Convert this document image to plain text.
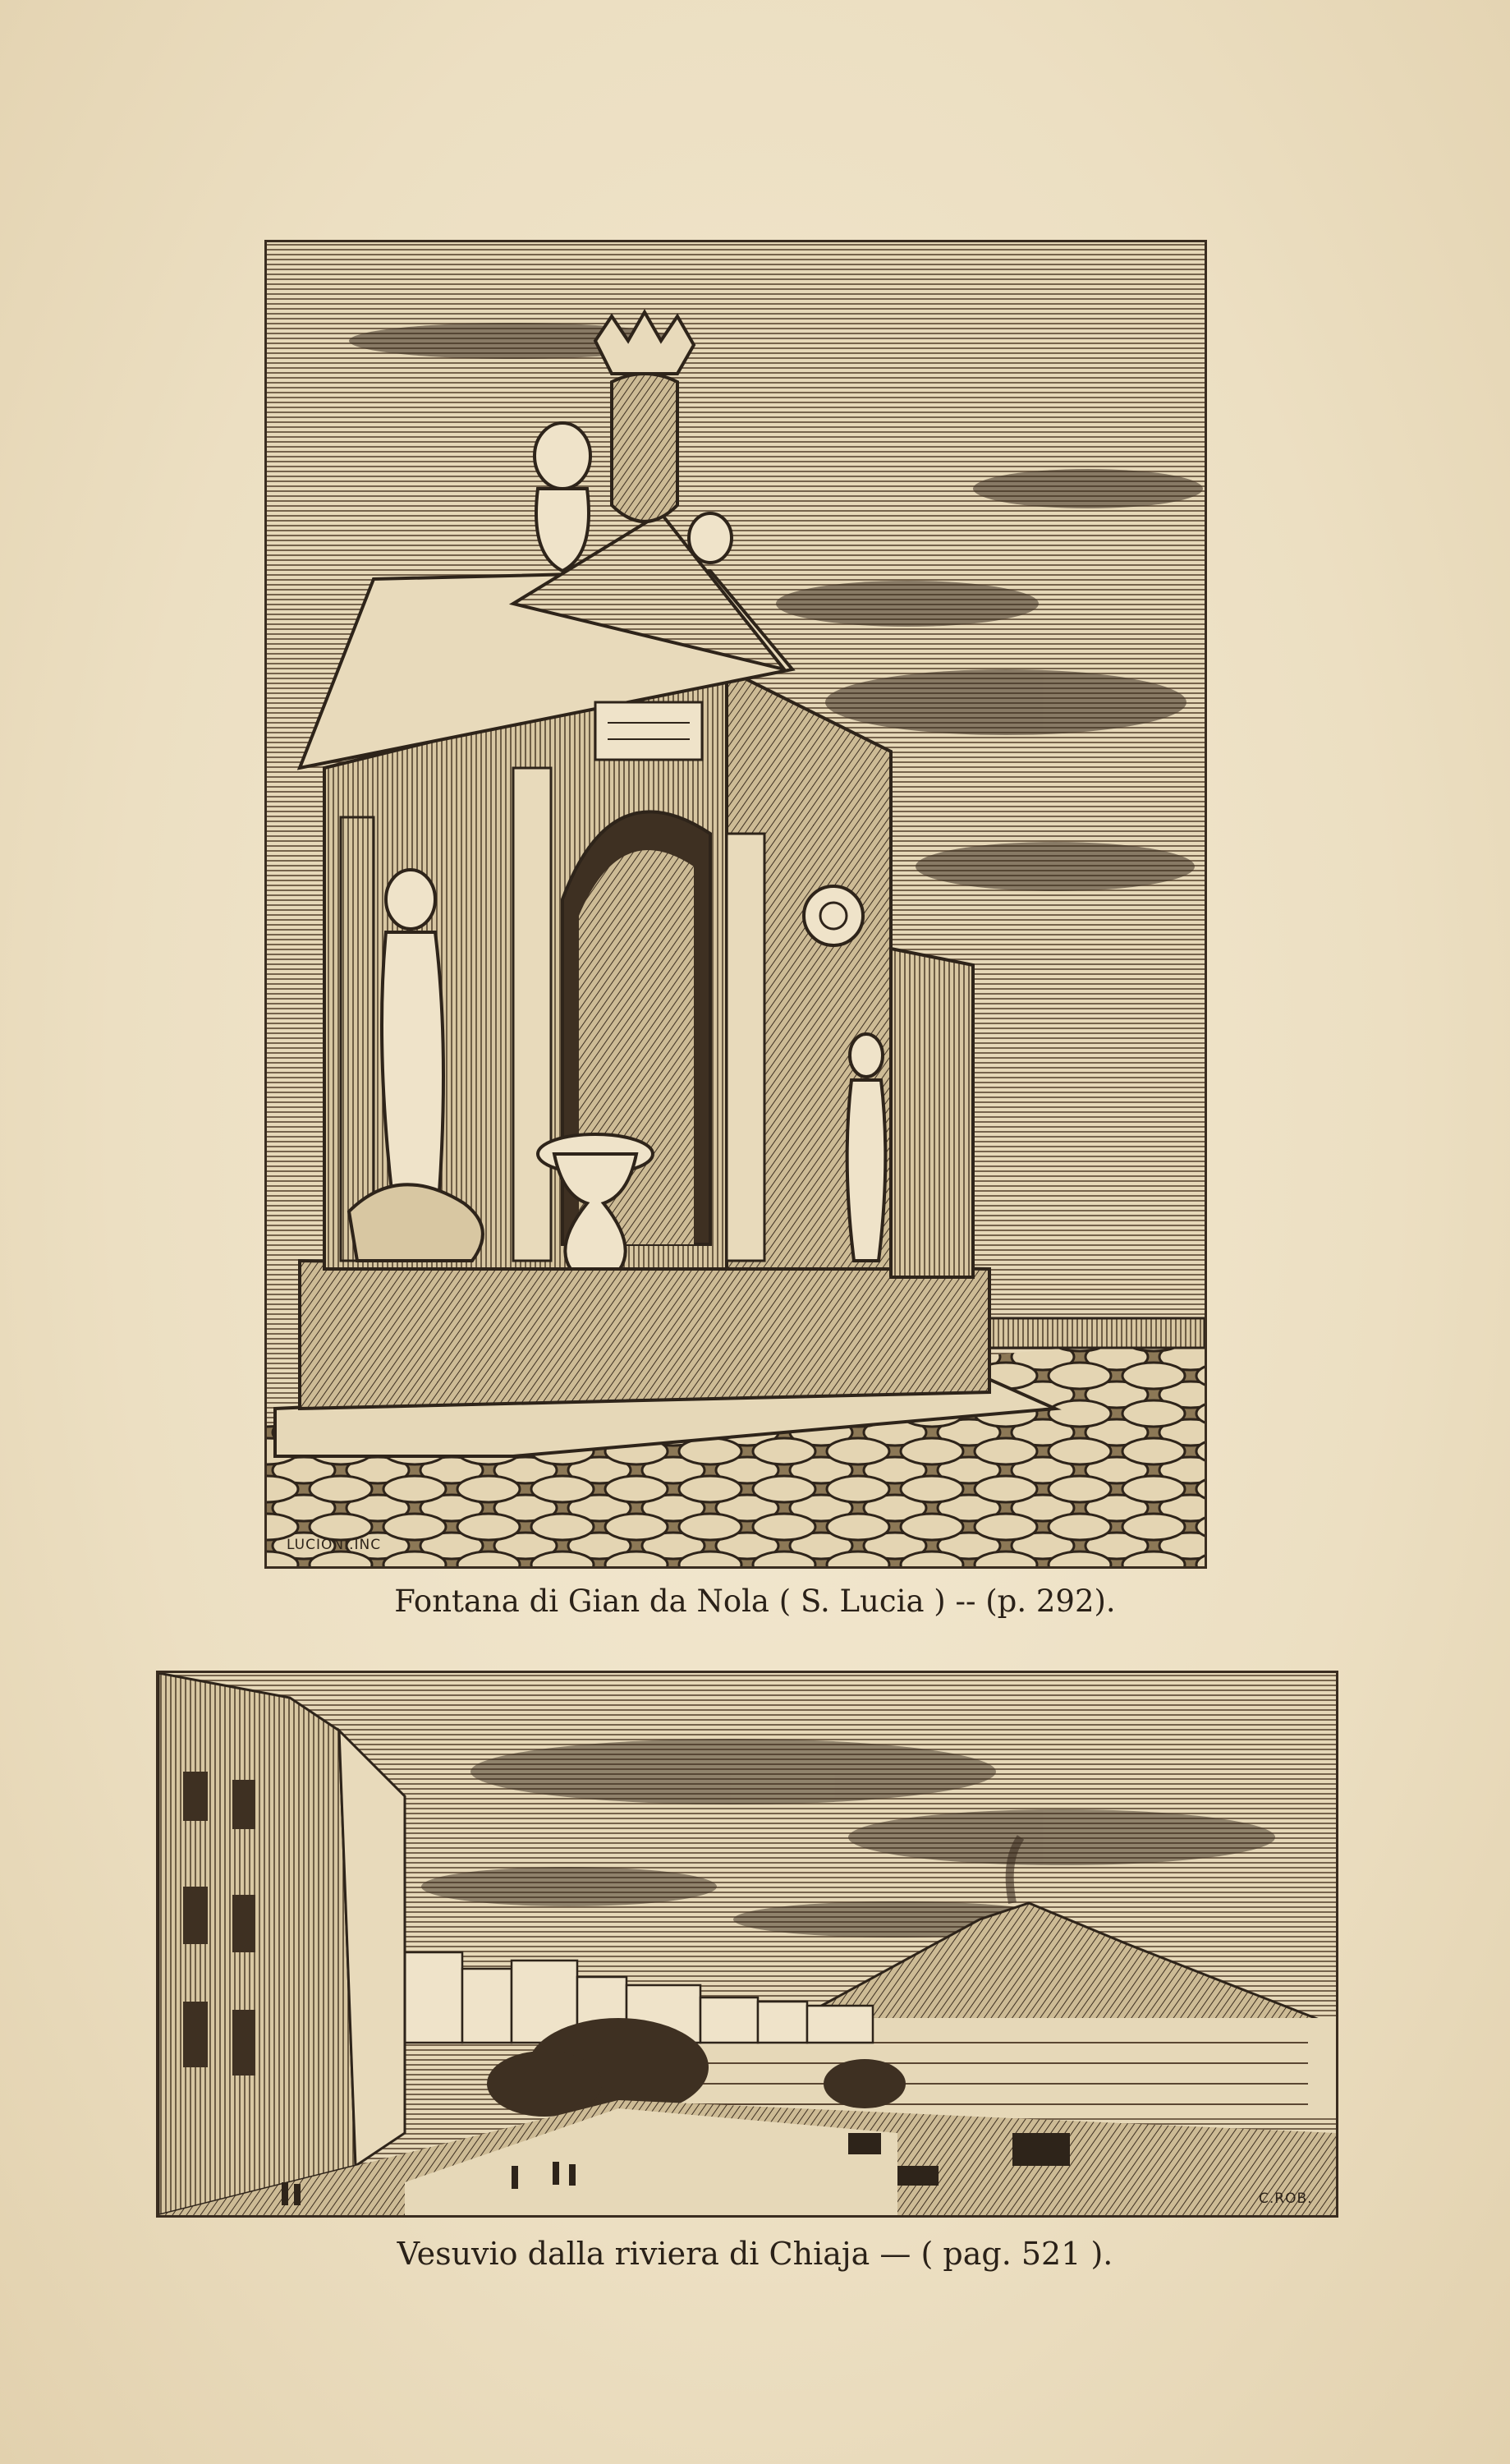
LUCIONI.INC
Fontana di Gian da Nola ( S. Lucia ) -- (p. 292).
C.ROB.
Vesuvio dalla riviera di Chiaja — ( pag. 521 ).
